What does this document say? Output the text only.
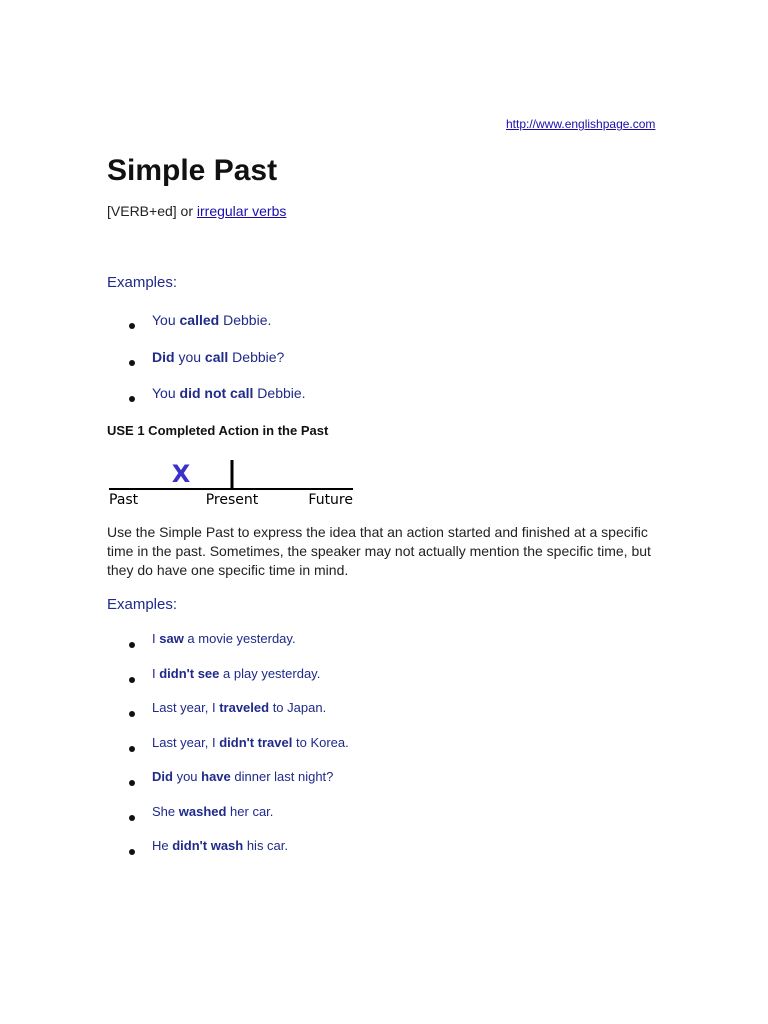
http://www.englishpage.com
Simple Past
[VERB+ed] or irregular verbs
Examples:
You called Debbie.
Did you call Debbie?
You did not call Debbie.
USE 1 Completed Action in the Past
X
Past	Present	Future

Use the Simple Past to express the idea that an action started and finished at a specific time in the past. Sometimes, the speaker may not actually mention the specific time, but they do have one specific time in mind.

Examples:
I saw a movie yesterday.
I didn't see a play yesterday.
Last year, I traveled to Japan.
Last year, I didn't travel to Korea.
Did you have dinner last night?
She washed her car.
He didn't wash his car.
